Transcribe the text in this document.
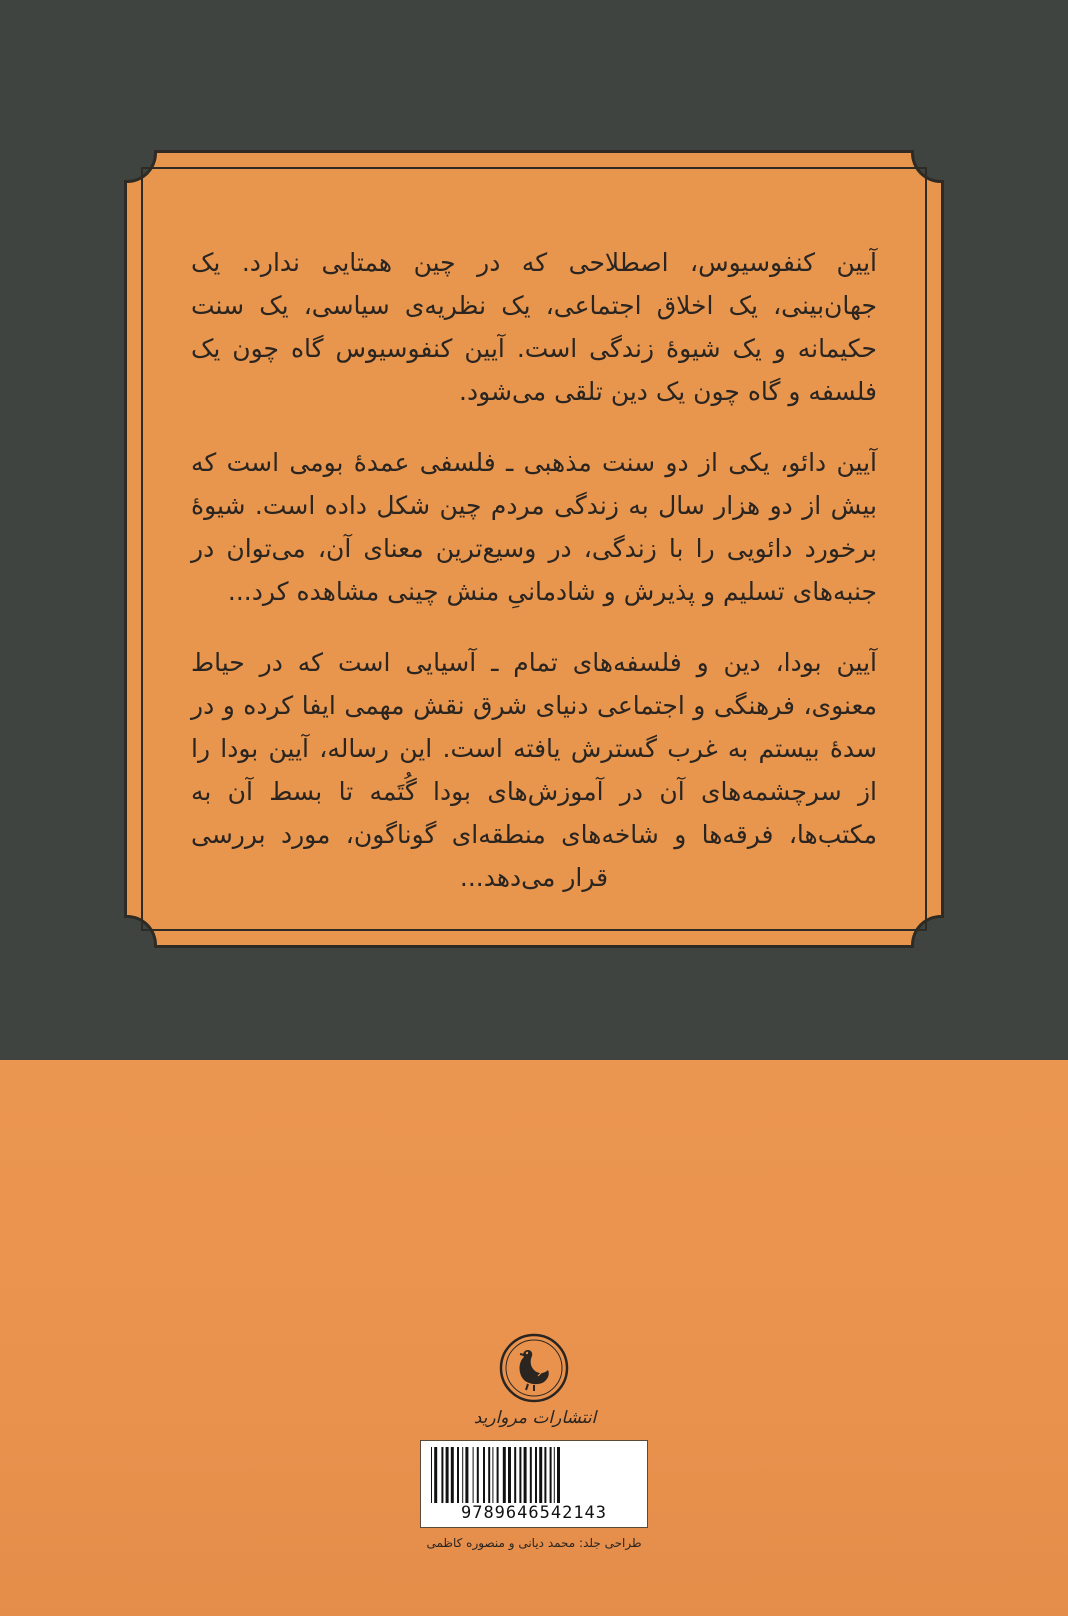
آیین کنفوسیوس، اصطلاحی که در چین همتایی ندارد. یک جهان‌بینی، یک اخلاق اجتماعی، یک نظریه‌ی سیاسی، یک سنت حکیمانه و یک شیوهٔ زندگی است. آیین کنفوسیوس گاه چون یک فلسفه و گاه چون یک دین تلقی می‌شود.

آیین دائو، یکی از دو سنت مذهبی ـ فلسفی عمدهٔ بومی است که بیش از دو هزار سال به زندگی مردم چین شکل داده است. شیوهٔ برخورد دائویی را با زندگی، در وسیع‌ترین معنای آن، می‌توان در جنبه‌های تسلیم و پذیرش و شادمانیِ منش چینی مشاهده کرد...

آیین بودا، دین و فلسفه‌های تمام ـ آسیایی است که در حیاط معنوی، فرهنگی و اجتماعی دنیای شرق نقش مهمی ایفا کرده و در سدهٔ بیستم به غرب گسترش یافته است. این رساله، آیین بودا را از سرچشمه‌های آن در آموزش‌های بودا گُتَمه تا بسط آن به مکتب‌ها، فرقه‌ها و شاخه‌های منطقه‌ای گوناگون، مورد بررسی قرار می‌دهد...

انتشارات مروارید
9789646542143
طراحی جلد: محمد دیانی و منصوره کاظمی
